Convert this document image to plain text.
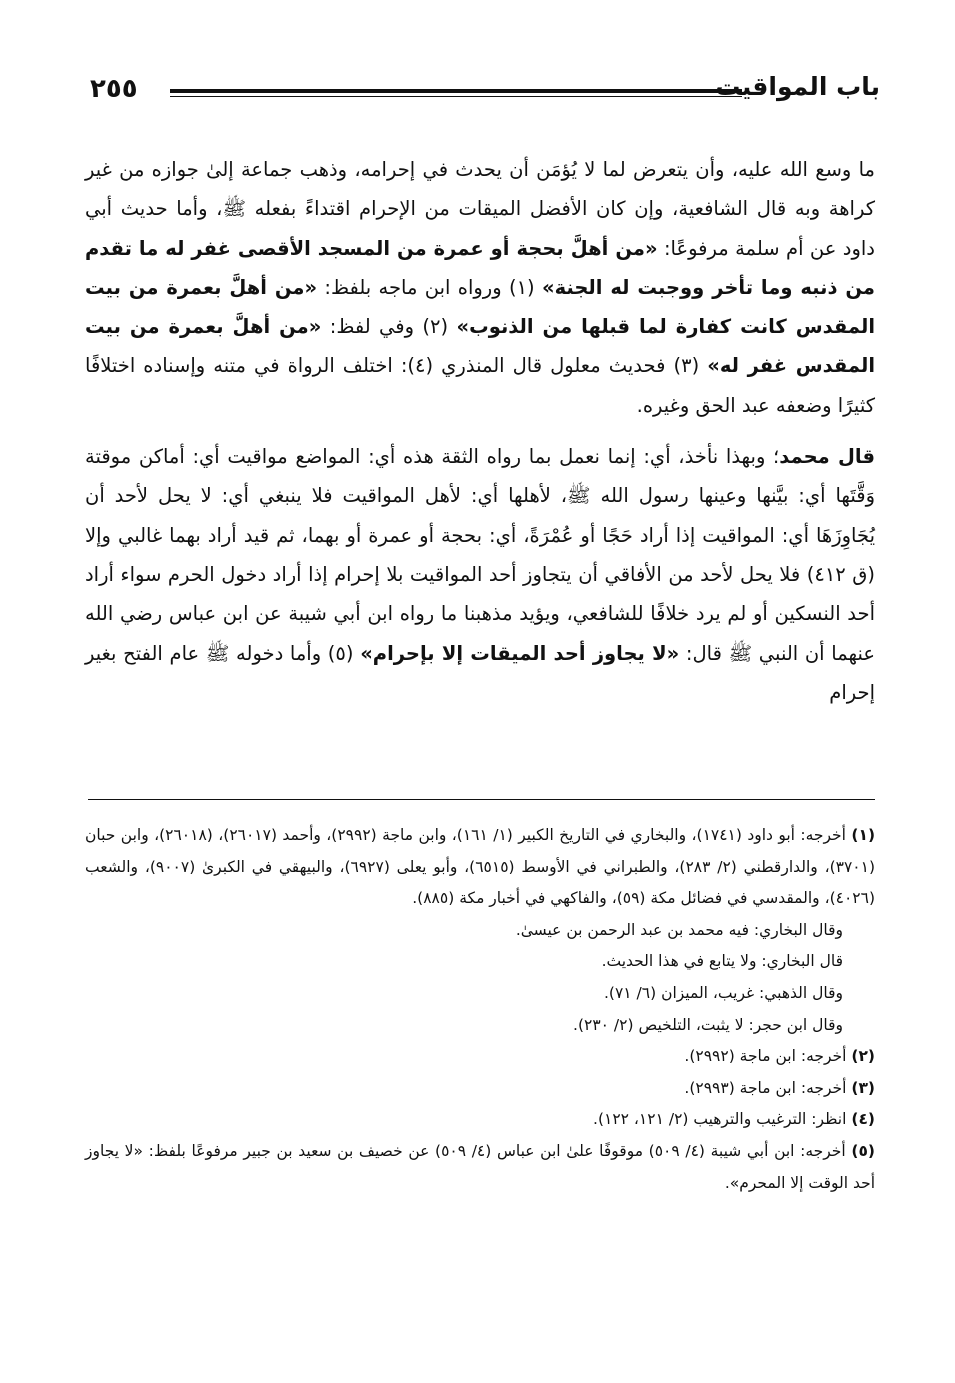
٢٥٥	باب المواقيت

ما وسع الله عليه، وأن يتعرض لما لا يُؤمَن أن يحدث في إحرامه، وذهب جماعة إلىٰ جوازه من غير كراهة وبه قال الشافعية، وإن كان الأفضل الميقات من الإحرام اقتداءً بفعله ﷺ، وأما حديث أبي داود عن أم سلمة مرفوعًا: «من أهلَّ بحجة أو عمرة من المسجد الأقصى غفر له ما تقدم من ذنبه وما تأخر ووجبت له الجنة» (١) ورواه ابن ماجه بلفظ: «من أهلَّ بعمرة من بيت المقدس كانت كفارة لما قبلها من الذنوب» (٢) وفي لفظ: «من أهلَّ بعمرة من بيت المقدس غفر له» (٣) فحديث معلول قال المنذري (٤): اختلف الرواة في متنه وإسناده اختلافًا كثيرًا وضعفه عبد الحق وغيره.

قال محمد؛ وبهذا نأخذ، أي: إنما نعمل بما رواه الثقة هذه أي: المواضع مواقيت أي: أماكن موقتة وَقَّتَها أي: بيَّنها وعينها رسول الله ﷺ، لأهلها أي: لأهل المواقيت فلا ينبغي أي: لا يحل لأحد أن يُجَاوِزَهَا أي: المواقيت إذا أراد حَجًا أو عُمْرَةً، أي: بحجة أو عمرة أو بهما، ثم قيد أراد بهما غالبي وإلا (ق ٤١٢) فلا يحل لأحد من الأفاقي أن يتجاوز أحد المواقيت بلا إحرام إذا أراد دخول الحرم سواء أراد أحد النسكين أو لم يرد خلافًا للشافعي، ويؤيد مذهبنا ما رواه ابن أبي شيبة عن ابن عباس رضي الله عنهما أن النبي ﷺ قال: «لا يجاوز أحد الميقات إلا بإحرام» (٥) وأما دخوله ﷺ عام الفتح بغير إحرام

(١) أخرجه: أبو داود (١٧٤١)، والبخاري في التاريخ الكبير (١/ ١٦١)، وابن ماجة (٢٩٩٢)، وأحمد (٢٦٠١٧)، (٢٦٠١٨)، وابن حبان (٣٧٠١)، والدارقطني (٢/ ٢٨٣)، والطبراني في الأوسط (٦٥١٥)، وأبو يعلى (٦٩٢٧)، والبيهقي في الكبرىٰ (٩٠٠٧)، والشعب (٤٠٢٦)، والمقدسي في فضائل مكة (٥٩)، والفاكهي في أخبار مكة (٨٨٥).

وقال البخاري: فيه محمد بن عبد الرحمن بن عيسىٰ.

قال البخاري: ولا يتابع في هذا الحديث.

وقال الذهبي: غريب، الميزان (٦/ ٧١).

وقال ابن حجر: لا يثبت، التلخيص (٢/ ٢٣٠).

(٢) أخرجه: ابن ماجة (٢٩٩٢).

(٣) أخرجه: ابن ماجة (٢٩٩٣).

(٤) انظر: الترغيب والترهيب (٢/ ١٢١، ١٢٢).

(٥) أخرجه: ابن أبي شيبة (٤/ ٥٠٩) موقوفًا علىٰ ابن عباس (٤/ ٥٠٩) عن خصيف بن سعيد بن جبير مرفوعًا بلفظ: «لا يجاوز أحد الوقت إلا المحرم».
